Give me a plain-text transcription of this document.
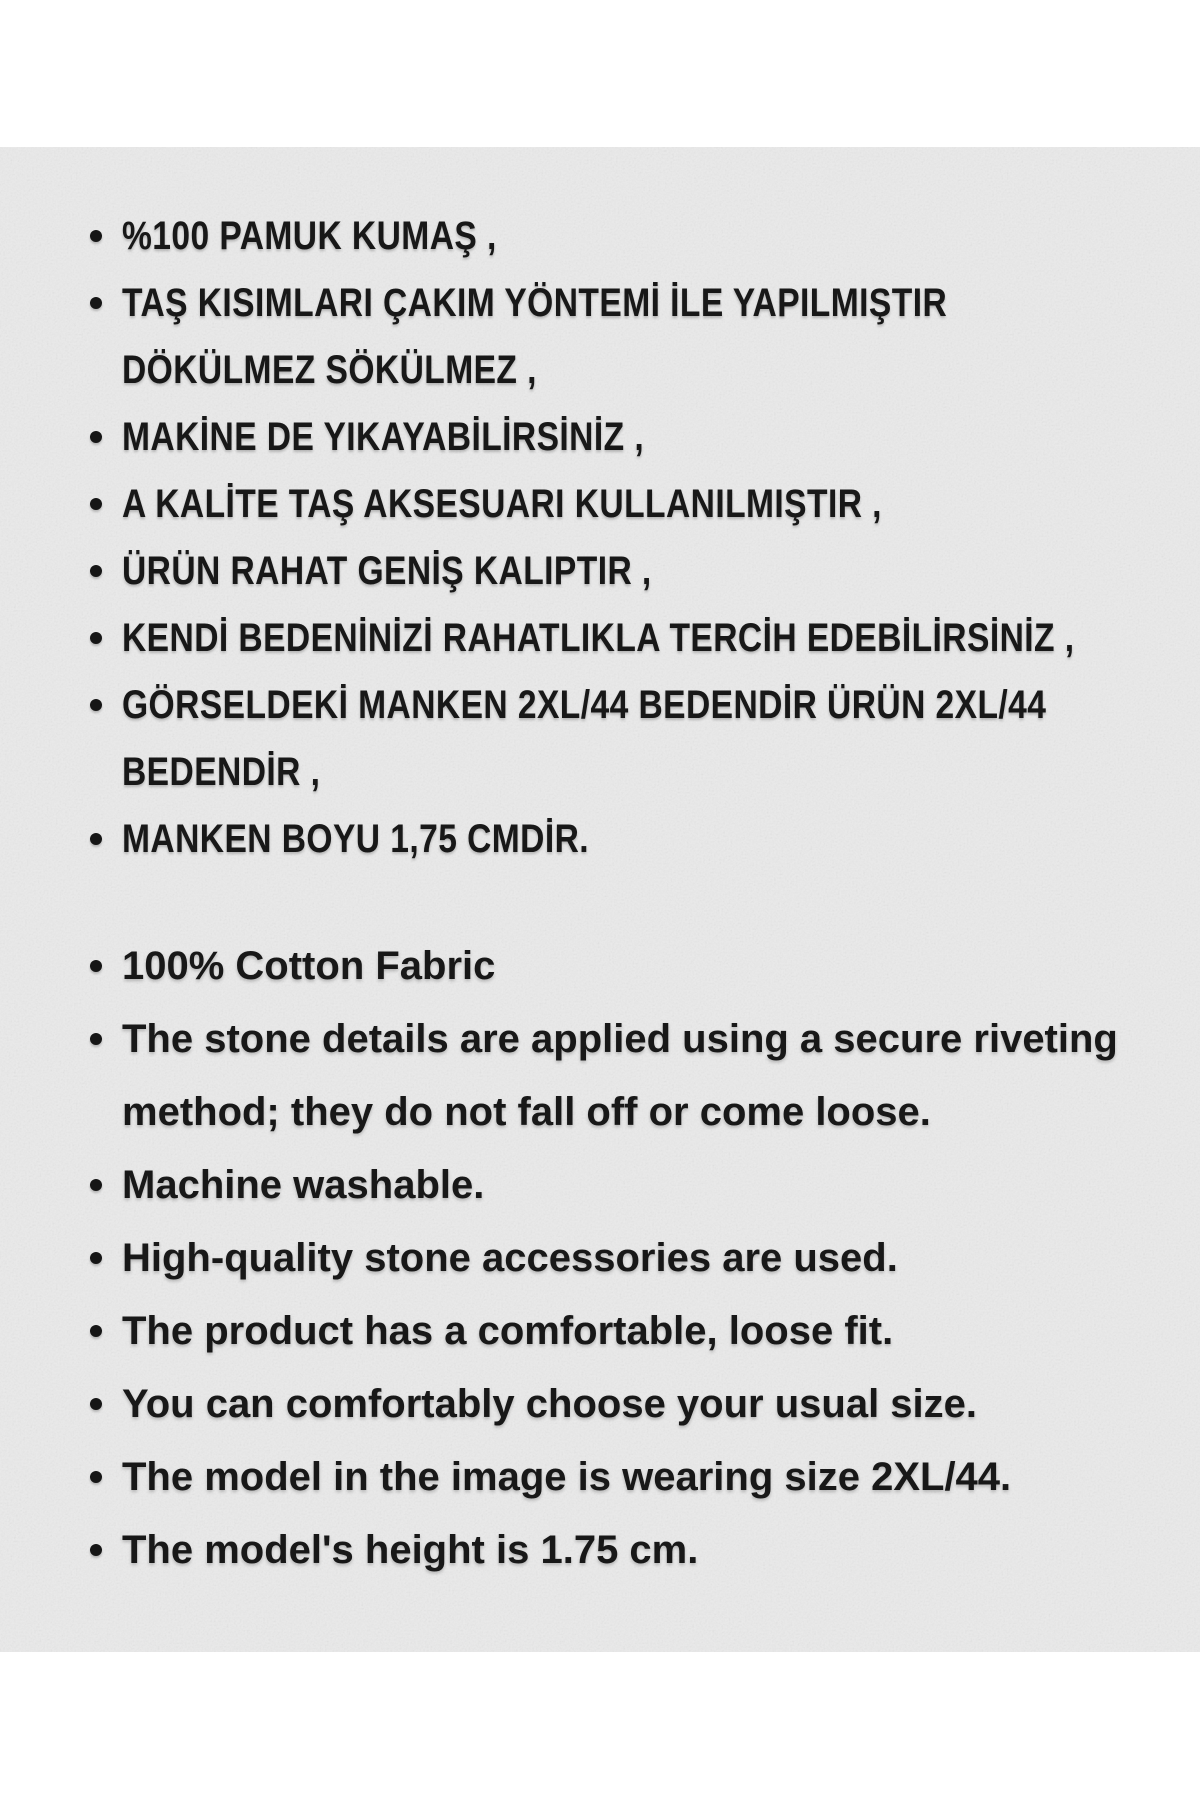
%100 PAMUK KUMAŞ ,
TAŞ KISIMLARI ÇAKIM YÖNTEMİ İLE YAPILMIŞTIR
DÖKÜLMEZ SÖKÜLMEZ ,
MAKİNE DE YIKAYABİLİRSİNİZ ,
A KALİTE TAŞ AKSESUARI KULLANILMIŞTIR ,
ÜRÜN RAHAT GENİŞ KALIPTIR ,
KENDİ BEDENİNİZİ RAHATLIKLA TERCİH EDEBİLİRSİNİZ ,
GÖRSELDEKİ MANKEN 2XL/44 BEDENDİR ÜRÜN 2XL/44
BEDENDİR ,
MANKEN BOYU 1,75 CMDİR.
100% Cotton Fabric
The stone details are applied using a secure riveting
method; they do not fall off or come loose.
Machine washable.
High-quality stone accessories are used.
The product has a comfortable, loose fit.
You can comfortably choose your usual size.
The model in the image is wearing size 2XL/44.
The model's height is 1.75 cm.
